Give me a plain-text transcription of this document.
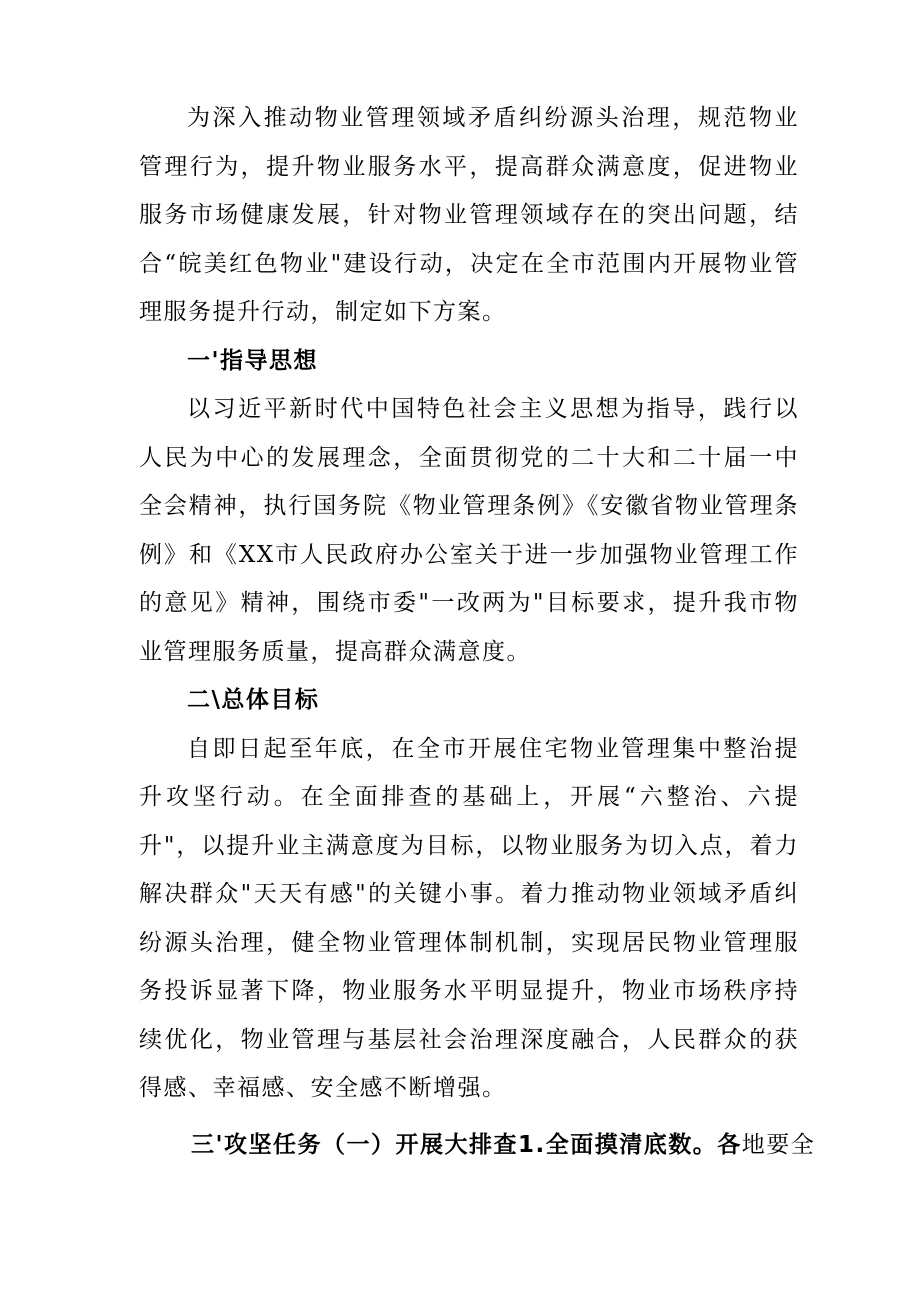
为深入推动物业管理领域矛盾纠纷源头治理，规范物业管理行为，提升物业服务水平，提高群众满意度，促进物业服务市场健康发展，针对物业管理领域存在的突出问题，结合“皖美红色物业"建设行动，决定在全市范围内开展物业管理服务提升行动，制定如下方案。

一'指导思想

以习近平新时代中国特色社会主义思想为指导，践行以人民为中心的发展理念，全面贯彻党的二十大和二十届一中全会精神，执行国务院《物业管理条例》《安徽省物业管理条例》和《XX市人民政府办公室关于进一步加强物业管理工作的意见》精神，围绕市委"一改两为"目标要求，提升我市物业管理服务质量，提高群众满意度。

二\总体目标

自即日起至年底，在全市开展住宅物业管理集中整治提升攻坚行动。在全面排查的基础上，开展“六整治、六提升"，以提升业主满意度为目标，以物业服务为切入点，着力解决群众"天天有感"的关键小事。着力推动物业领域矛盾纠纷源头治理，健全物业管理体制机制，实现居民物业管理服务投诉显著下降，物业服务水平明显提升，物业市场秩序持续优化，物业管理与基层社会治理深度融合，人民群众的获得感、幸福感、安全感不断增强。

三'攻坚任务（一）开展大排查1.全面摸清底数。各地要全
